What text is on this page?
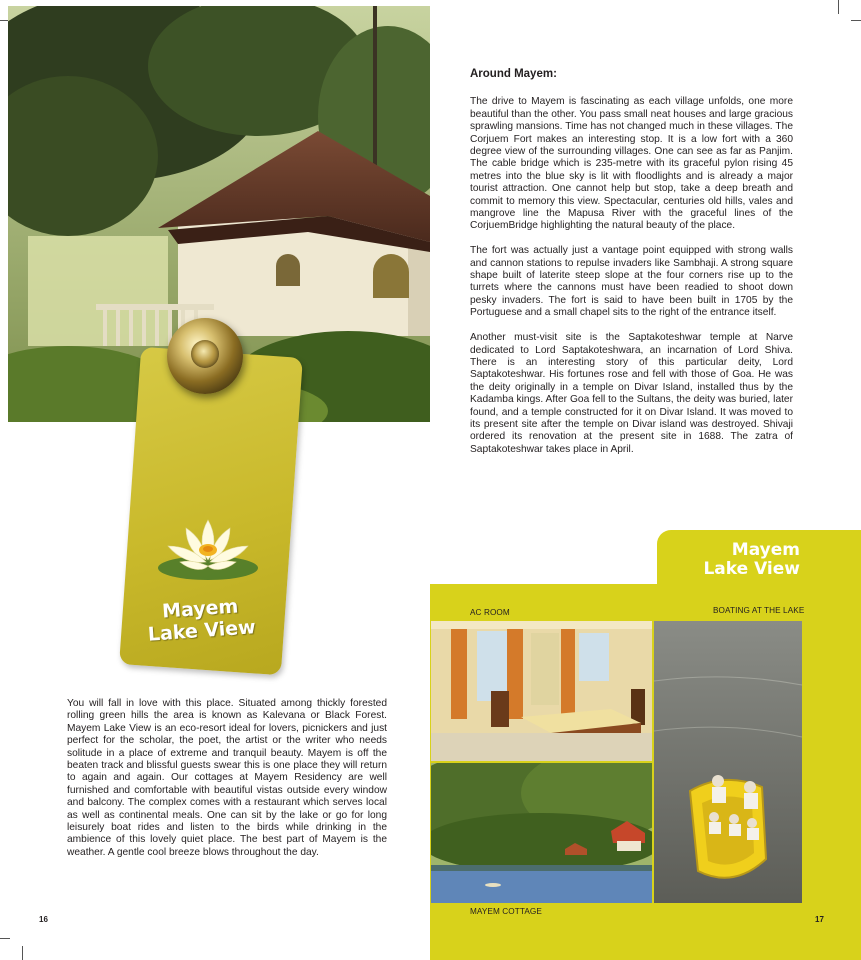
Mayem
Lake View
Around Mayem:

The drive to Mayem is fascinating as each village unfolds, one more beautiful than the other. You pass small neat houses and large gracious sprawling mansions. Time has not changed much in these villages. The Corjuem Fort makes an interesting stop. It is a low fort with a 360 degree view of the surrounding villages. One can see as far as Panjim. The cable bridge which is 235-metre with its graceful pylon rising 45 metres into the blue sky is lit with floodlights and is already a major tourist attraction. One cannot help but stop, take a deep breath and commit to memory this view. Spectacular, centuries old hills, vales and mangrove line the Mapusa River with the graceful lines of the CorjuemBridge highlighting the natural beauty of the place.

The fort was actually just a vantage point equipped with strong walls and cannon stations to repulse invaders like Sambhaji. A strong square shape built of laterite steep slope at the four corners rise up to the turrets where the cannons must have been readied to shoot down pesky invaders. The fort is said to have been built in 1705 by the Portuguese and a small chapel sits to the right of the entrance itself.

Another must-visit site is the Saptakoteshwar temple at Narve dedicated to Lord Saptakoteshwara, an incarnation of Lord Shiva. There is an interesting story of this particular deity, Lord Saptakoteshwar. His fortunes rose and fell with those of Goa. He was the deity originally in a temple on Divar Island, installed thus by the Kadamba kings. After Goa fell to the Sultans, the deity was buried, later found, and a temple constructed for it on Divar Island. It was moved to its present site after the temple on Divar island was destroyed. Shivaji ordered its renovation at the present site in 1688. The zatra of Saptakoteshwar takes place in April.

You will fall in love with this place. Situated among thickly forested rolling green hills the area is known as Kalevana or Black Forest. Mayem Lake View is an eco-resort ideal for lovers, picnickers and just perfect for the scholar, the poet, the artist or the writer who needs solitude in a place of extreme and tranquil beauty. Mayem is off the beaten track and blissful guests swear this is one place they will return to again and again. Our cottages at Mayem Residency are well furnished and comfortable with beautiful vistas outside every window and balcony. The complex comes with a restaurant which serves local as well as continental meals. One can sit by the lake or go for long leisurely boat rides and listen to the birds while drinking in the ambience of this lovely quiet place. The best part of Mayem is the weather. A gentle cool breeze blows throughout the day.
16
Mayem
Lake View
AC ROOM	BOATING AT THE LAKE
MAYEM COTTAGE
17
